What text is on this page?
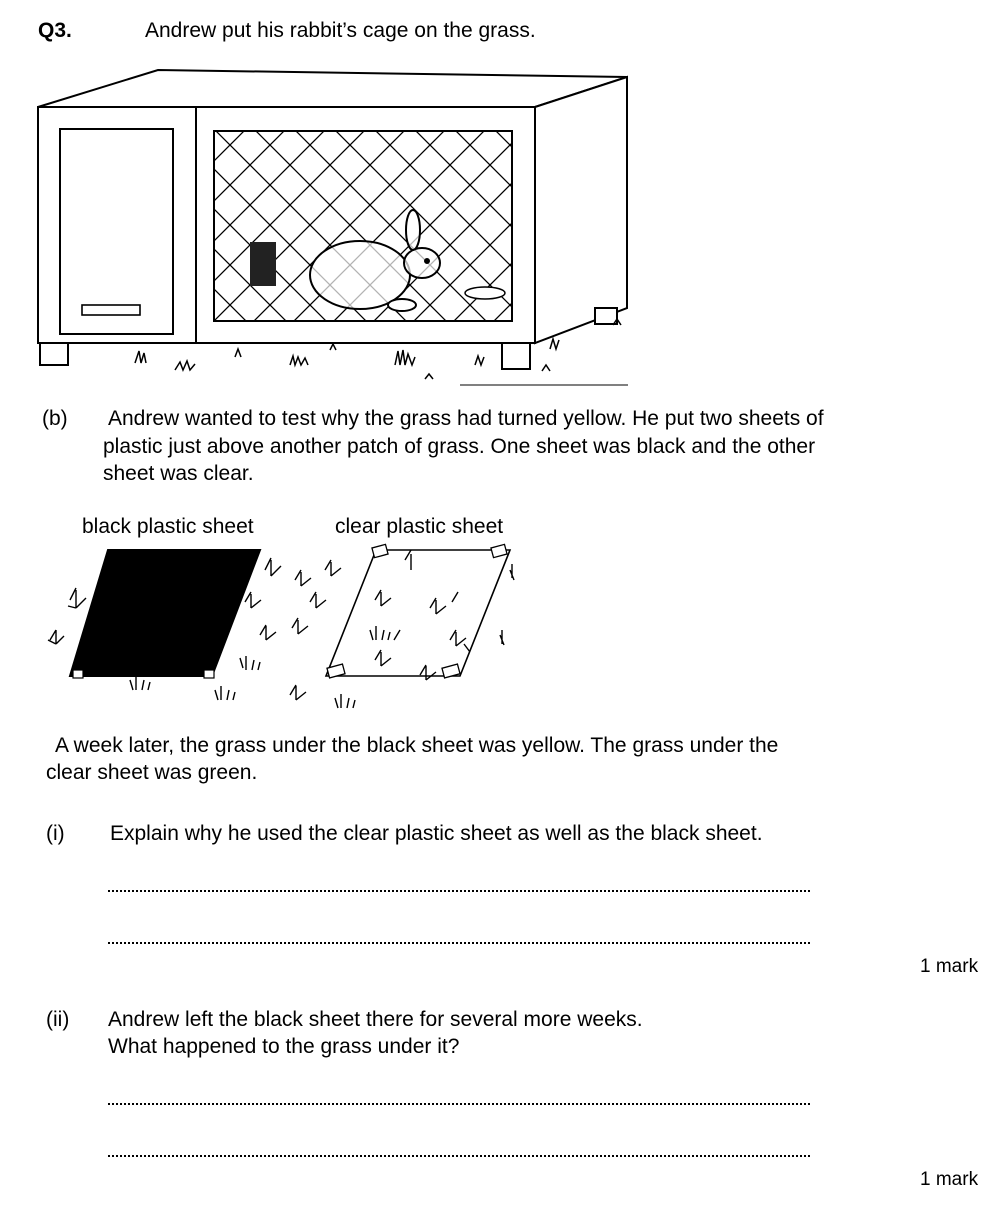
Q3.	Andrew put his rabbit’s cage on the grass.
(b) Andrew wanted to test why the grass had turned yellow. He put two sheets of
plastic just above another patch of grass. One sheet was black and the other
sheet was clear.
black plastic sheet	clear plastic sheet
A week later, the grass under the black sheet was yellow. The grass under the
clear sheet was green.
(i) Explain why he used the clear plastic sheet as well as the black sheet.
1 mark
(ii) Andrew left the black sheet there for several more weeks.
What happened to the grass under it?
1 mark
